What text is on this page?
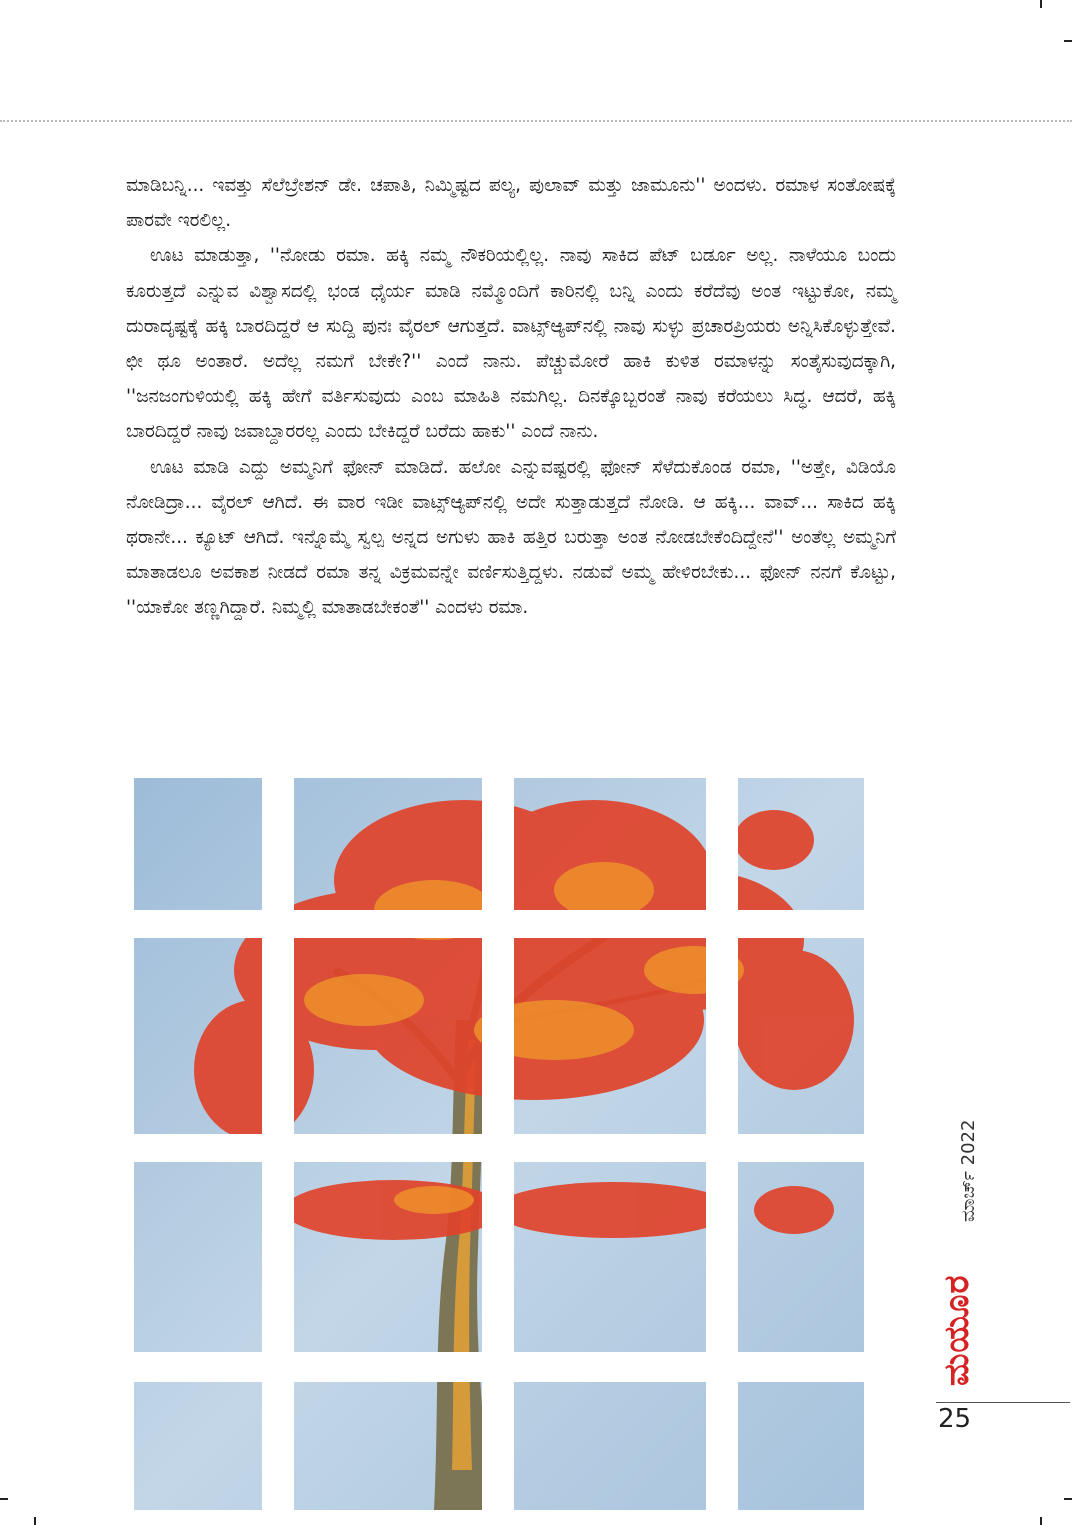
ಮಾಡಿಬನ್ನಿ... ಇವತ್ತು ಸೆಲೆಬ್ರೇಶನ್ ಡೇ. ಚಪಾತಿ, ನಿಮ್ಮಿಷ್ಟದ ಪಲ್ಯ, ಪುಲಾವ್ ಮತ್ತು ಜಾಮೂನು'' ಅಂದಳು. ರಮಾಳ ಸಂತೋಷಕ್ಕೆ ಪಾರವೇ ಇರಲಿಲ್ಲ.

ಊಟ ಮಾಡುತ್ತಾ, ''ನೋಡು ರಮಾ. ಹಕ್ಕಿ ನಮ್ಮ ನೌಕರಿಯಲ್ಲಿಲ್ಲ. ನಾವು ಸಾಕಿದ ಪೆಟ್ ಬರ್ಡೂ ಅಲ್ಲ. ನಾಳೆಯೂ ಬಂದು ಕೂರುತ್ತದೆ ಎನ್ನುವ ವಿಶ್ವಾಸದಲ್ಲಿ ಭಂಡ ಧೈರ್ಯ ಮಾಡಿ ನಮ್ಮೊಂದಿಗೆ ಕಾರಿನಲ್ಲಿ ಬನ್ನಿ ಎಂದು ಕರೆದೆವು ಅಂತ ಇಟ್ಟುಕೋ, ನಮ್ಮ ದುರಾದೃಷ್ಟಕ್ಕೆ ಹಕ್ಕಿ ಬಾರದಿದ್ದರೆ ಆ ಸುದ್ದಿ ಪುನಃ ವೈರಲ್ ಆಗುತ್ತದೆ. ವಾಟ್ಸ್‌ಆ್ಯಪ್‌ನಲ್ಲಿ ನಾವು ಸುಳ್ಳು ಪ್ರಚಾರಪ್ರಿಯರು ಅನ್ನಿಸಿಕೊಳ್ಳುತ್ತೇವೆ. ಛೀ ಥೂ ಅಂತಾರೆ. ಅದೆಲ್ಲ ನಮಗೆ ಬೇಕೇ?'' ಎಂದೆ ನಾನು. ಪೆಚ್ಚುಮೋರೆ ಹಾಕಿ ಕುಳಿತ ರಮಾಳನ್ನು ಸಂತೈಸುವುದಕ್ಕಾಗಿ, ''ಜನಜಂಗುಳಿಯಲ್ಲಿ ಹಕ್ಕಿ ಹೇಗೆ ವರ್ತಿಸುವುದು ಎಂಬ ಮಾಹಿತಿ ನಮಗಿಲ್ಲ. ದಿನಕ್ಕೊಬ್ಬರಂತೆ ನಾವು ಕರೆಯಲು ಸಿದ್ಧ. ಆದರೆ, ಹಕ್ಕಿ ಬಾರದಿದ್ದರೆ ನಾವು ಜವಾಬ್ದಾರರಲ್ಲ ಎಂದು ಬೇಕಿದ್ದರೆ ಬರೆದು ಹಾಕು'' ಎಂದೆ ನಾನು.

ಊಟ ಮಾಡಿ ಎದ್ದು ಅಮ್ಮನಿಗೆ ಫೋನ್ ಮಾಡಿದೆ. ಹಲೋ ಎನ್ನುವಷ್ಟರಲ್ಲಿ ಫೋನ್ ಸೆಳೆದುಕೊಂಡ ರಮಾ, ''ಅತ್ತೇ, ವಿಡಿಯೊ ನೋಡಿದ್ರಾ... ವೈರಲ್ ಆಗಿದೆ. ಈ ವಾರ ಇಡೀ ವಾಟ್ಸ್‌ಆ್ಯಪ್‌ನಲ್ಲಿ ಅದೇ ಸುತ್ತಾಡುತ್ತದೆ ನೋಡಿ. ಆ ಹಕ್ಕಿ... ವಾವ್... ಸಾಕಿದ ಹಕ್ಕಿ ಥರಾನೇ... ಕ್ಯೂಟ್ ಆಗಿದೆ. ಇನ್ನೊಮ್ಮೆ ಸ್ವಲ್ಪ ಅನ್ನದ ಅಗುಳು ಹಾಕಿ ಹತ್ತಿರ ಬರುತ್ತಾ ಅಂತ ನೋಡಬೇಕೆಂದಿದ್ದೇನೆ'' ಅಂತೆಲ್ಲ ಅಮ್ಮನಿಗೆ ಮಾತಾಡಲೂ ಅವಕಾಶ ನೀಡದೆ ರಮಾ ತನ್ನ ವಿಕ್ರಮವನ್ನೇ ವರ್ಣಿಸುತ್ತಿದ್ದಳು. ನಡುವೆ ಅಮ್ಮ ಹೇಳಿರಬೇಕು... ಫೋನ್ ನನಗೆ ಕೊಟ್ಟು, ''ಯಾಕೋ ತಣ್ಣಗಿದ್ದಾರೆ. ನಿಮ್ಮಲ್ಲಿ ಮಾತಾಡಬೇಕಂತೆ'' ಎಂದಳು ರಮಾ.

ಮಾರ್ಚ್ 2022
ಮಯೂರ
25
